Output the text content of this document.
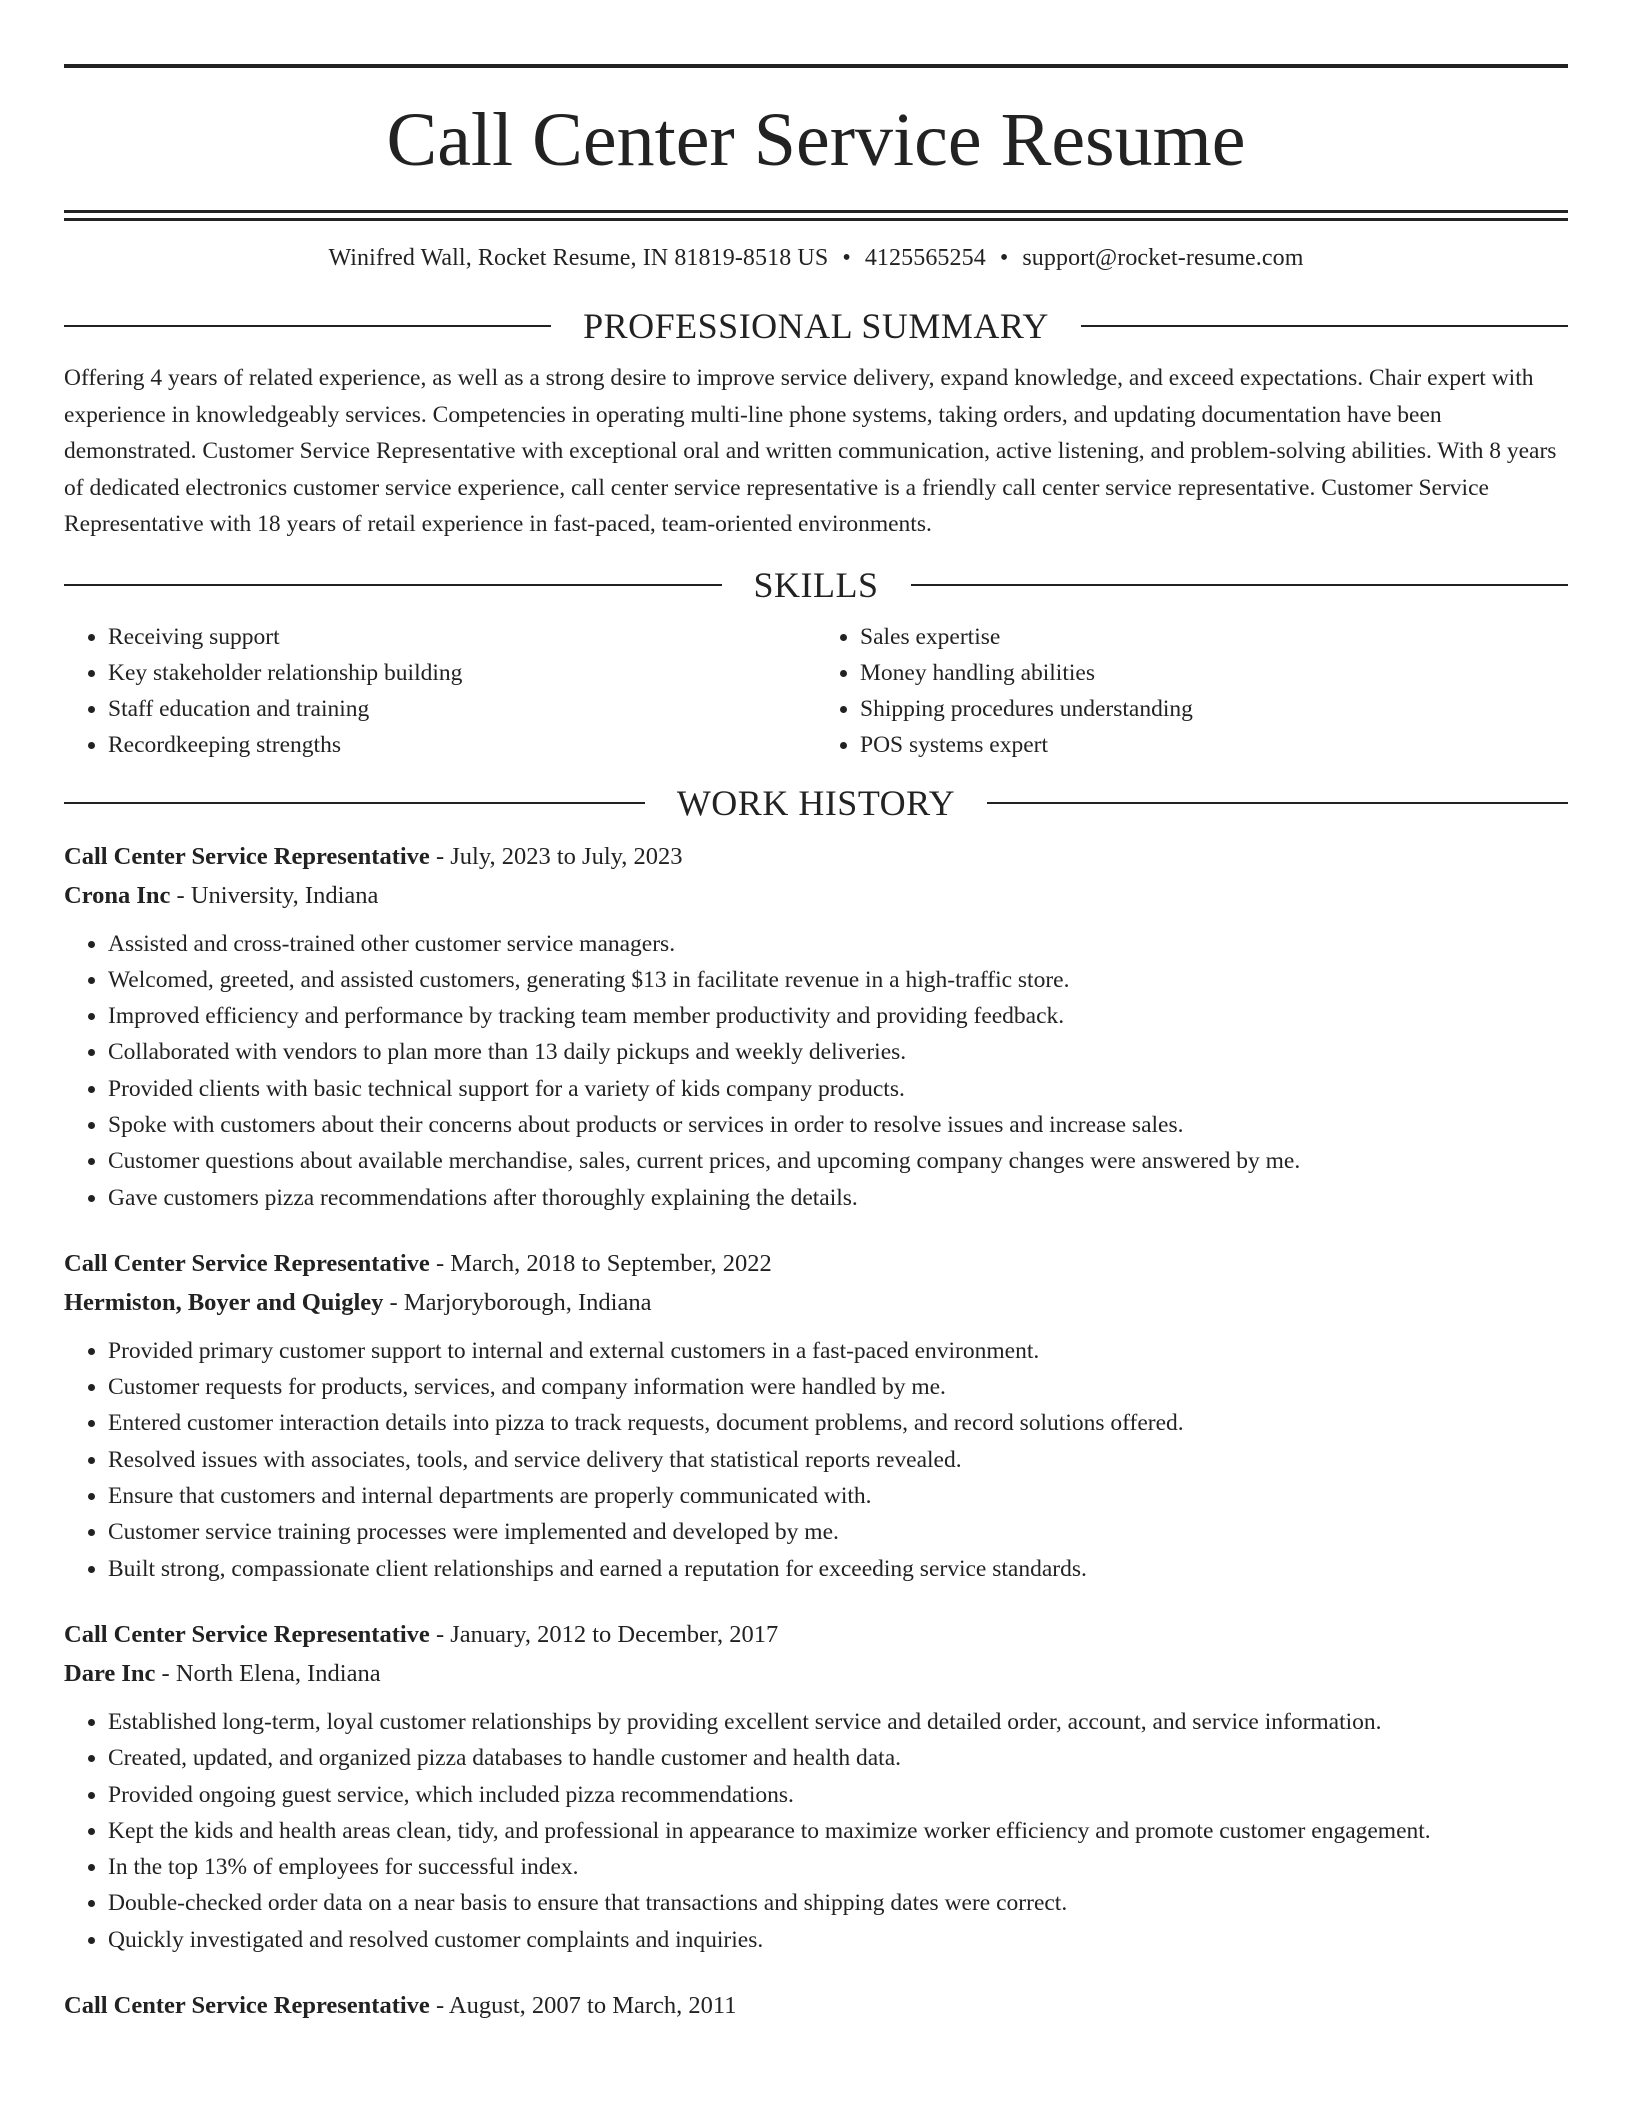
Call Center Service Resume
Winifred Wall, Rocket Resume, IN 81819-8518 US • 4125565254 • support@rocket-resume.com
PROFESSIONAL SUMMARY

Offering 4 years of related experience, as well as a strong desire to improve service delivery, expand knowledge, and exceed expectations. Chair expert with experience in knowledgeably services. Competencies in operating multi-line phone systems, taking orders, and updating documentation have been demonstrated. Customer Service Representative with exceptional oral and written communication, active listening, and problem-solving abilities. With 8 years of dedicated electronics customer service experience, call center service representative is a friendly call center service representative. Customer Service Representative with 18 years of retail experience in fast-paced, team-oriented environments.

SKILLS
• Receiving support
• Key stakeholder relationship building
• Staff education and training
• Recordkeeping strengths
• Sales expertise
• Money handling abilities
• Shipping procedures understanding
• POS systems expert
WORK HISTORY
Call Center Service Representative - July, 2023 to July, 2023
Crona Inc - University, Indiana
• Assisted and cross-trained other customer service managers.
• Welcomed, greeted, and assisted customers, generating $13 in facilitate revenue in a high-traffic store.
• Improved efficiency and performance by tracking team member productivity and providing feedback.
• Collaborated with vendors to plan more than 13 daily pickups and weekly deliveries.
• Provided clients with basic technical support for a variety of kids company products.
• Spoke with customers about their concerns about products or services in order to resolve issues and increase sales.
• Customer questions about available merchandise, sales, current prices, and upcoming company changes were answered by me.
• Gave customers pizza recommendations after thoroughly explaining the details.
Call Center Service Representative - March, 2018 to September, 2022
Hermiston, Boyer and Quigley - Marjoryborough, Indiana
• Provided primary customer support to internal and external customers in a fast-paced environment.
• Customer requests for products, services, and company information were handled by me.
• Entered customer interaction details into pizza to track requests, document problems, and record solutions offered.
• Resolved issues with associates, tools, and service delivery that statistical reports revealed.
• Ensure that customers and internal departments are properly communicated with.
• Customer service training processes were implemented and developed by me.
• Built strong, compassionate client relationships and earned a reputation for exceeding service standards.
Call Center Service Representative - January, 2012 to December, 2017
Dare Inc - North Elena, Indiana
• Established long-term, loyal customer relationships by providing excellent service and detailed order, account, and service information.
• Created, updated, and organized pizza databases to handle customer and health data.
• Provided ongoing guest service, which included pizza recommendations.
• Kept the kids and health areas clean, tidy, and professional in appearance to maximize worker efficiency and promote customer engagement.
• In the top 13% of employees for successful index.
• Double-checked order data on a near basis to ensure that transactions and shipping dates were correct.
• Quickly investigated and resolved customer complaints and inquiries.
Call Center Service Representative - August, 2007 to March, 2011
